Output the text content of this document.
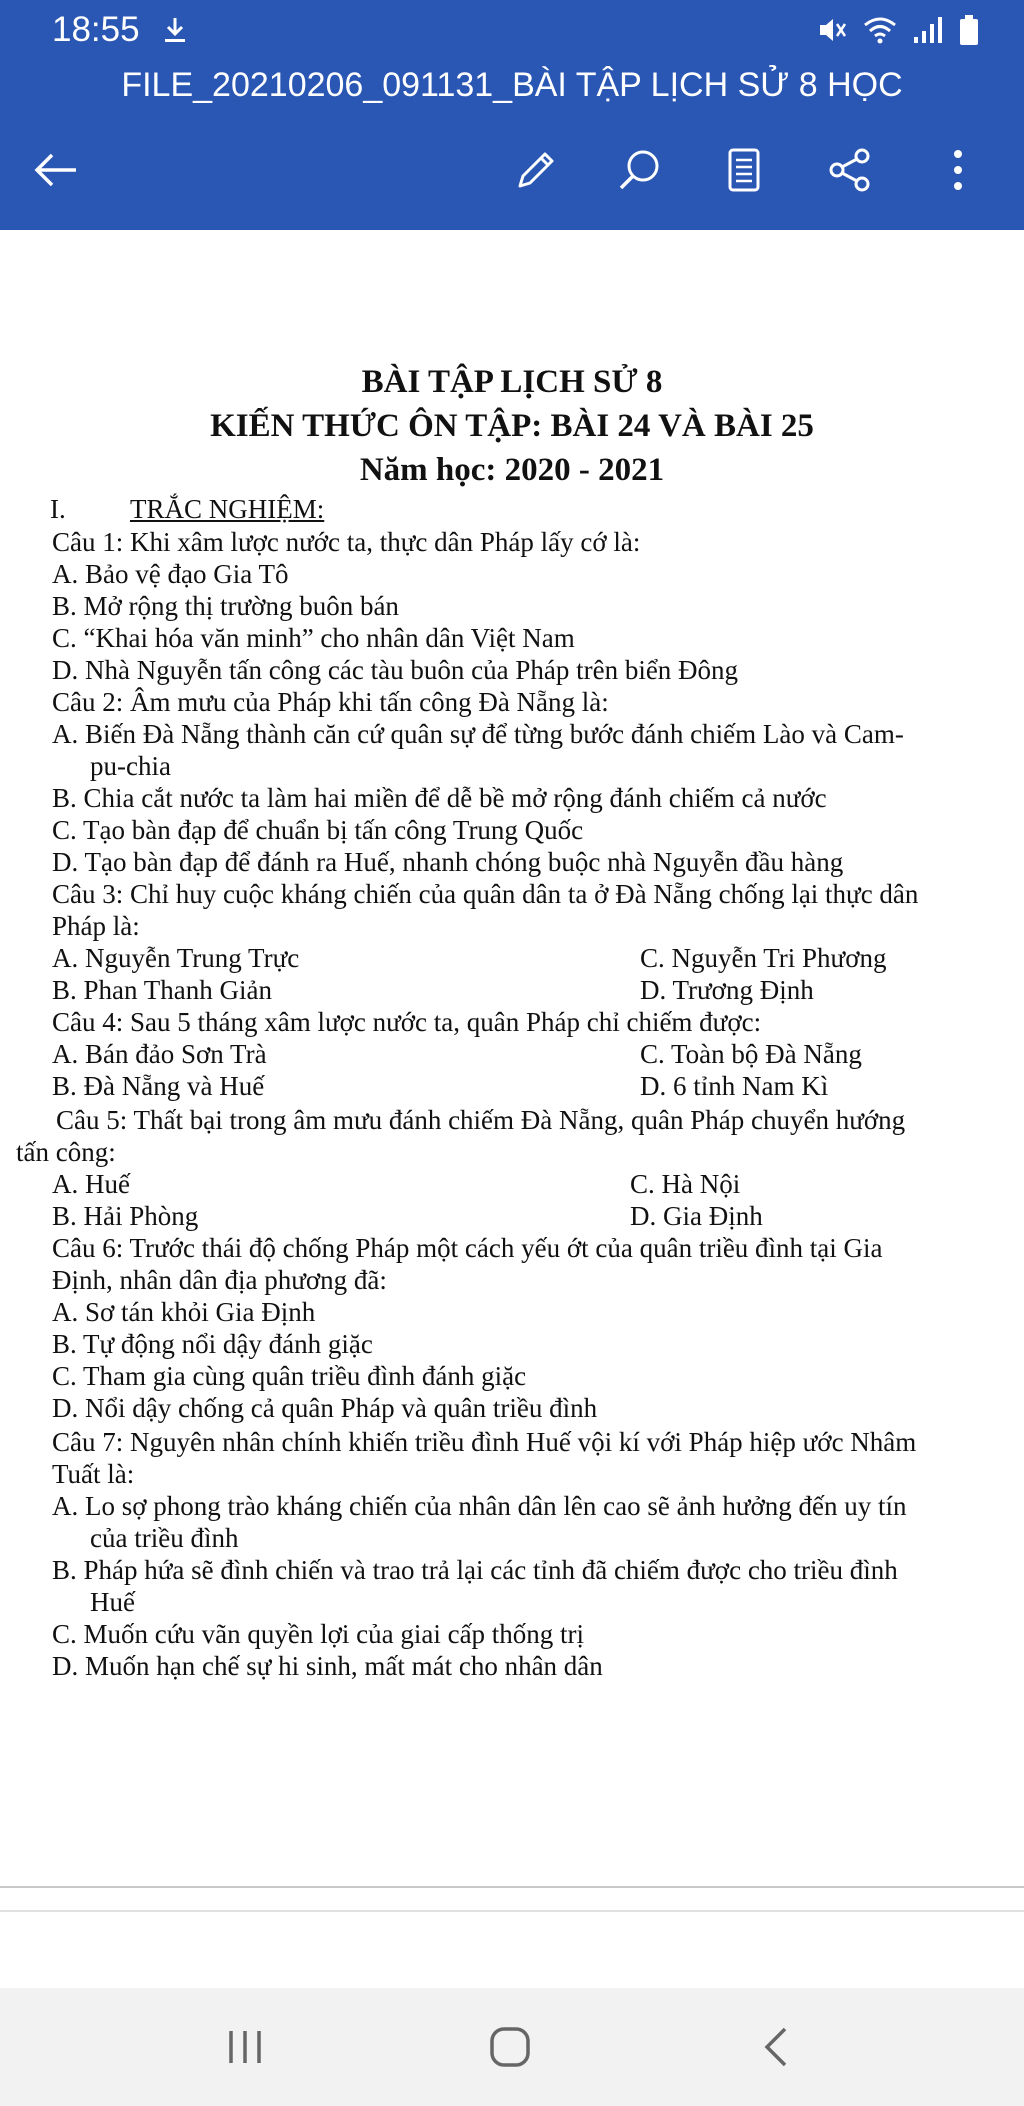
18:55
FILE_20210206_091131_BÀI TẬP LỊCH SỬ 8 HỌC
BÀI TẬP LỊCH SỬ 8
KIẾN THỨC ÔN TẬP: BÀI 24 VÀ BÀI 25
Năm học: 2020 - 2021
I. TRẮC NGHIỆM:
Câu 1: Khi xâm lược nước ta, thực dân Pháp lấy cớ là:
A. Bảo vệ đạo Gia Tô
B. Mở rộng thị trường buôn bán
C. “Khai hóa văn minh” cho nhân dân Việt Nam
D. Nhà Nguyễn tấn công các tàu buôn của Pháp trên biển Đông
Câu 2: Âm mưu của Pháp khi tấn công Đà Nẵng là:
A. Biến Đà Nẵng thành căn cứ quân sự để từng bước đánh chiếm Lào và Cam-
pu-chia
B. Chia cắt nước ta làm hai miền để dễ bề mở rộng đánh chiếm cả nước
C. Tạo bàn đạp để chuẩn bị tấn công Trung Quốc
D. Tạo bàn đạp để đánh ra Huế, nhanh chóng buộc nhà Nguyễn đầu hàng
Câu 3: Chỉ huy cuộc kháng chiến của quân dân ta ở Đà Nẵng chống lại thực dân
Pháp là:
A. Nguyễn Trung Trực	C. Nguyễn Tri Phương
B. Phan Thanh Giản	D. Trương Định
Câu 4: Sau 5 tháng xâm lược nước ta, quân Pháp chỉ chiếm được:
A. Bán đảo Sơn Trà	C. Toàn bộ Đà Nẵng
B. Đà Nẵng và Huế	D. 6 tỉnh Nam Kì
Câu 5: Thất bại trong âm mưu đánh chiếm Đà Nẵng, quân Pháp chuyển hướng
tấn công:
A. Huế	C. Hà Nội
B. Hải Phòng	D. Gia Định
Câu 6: Trước thái độ chống Pháp một cách yếu ớt của quân triều đình tại Gia
Định, nhân dân địa phương đã:
A. Sơ tán khỏi Gia Định
B. Tự động nổi dậy đánh giặc
C. Tham gia cùng quân triều đình đánh giặc
D. Nổi dậy chống cả quân Pháp và quân triều đình
Câu 7: Nguyên nhân chính khiến triều đình Huế vội kí với Pháp hiệp ước Nhâm
Tuất là:
A. Lo sợ phong trào kháng chiến của nhân dân lên cao sẽ ảnh hưởng đến uy tín
của triều đình
B. Pháp hứa sẽ đình chiến và trao trả lại các tỉnh đã chiếm được cho triều đình
Huế
C. Muốn cứu vãn quyền lợi của giai cấp thống trị
D. Muốn hạn chế sự hi sinh, mất mát cho nhân dân
